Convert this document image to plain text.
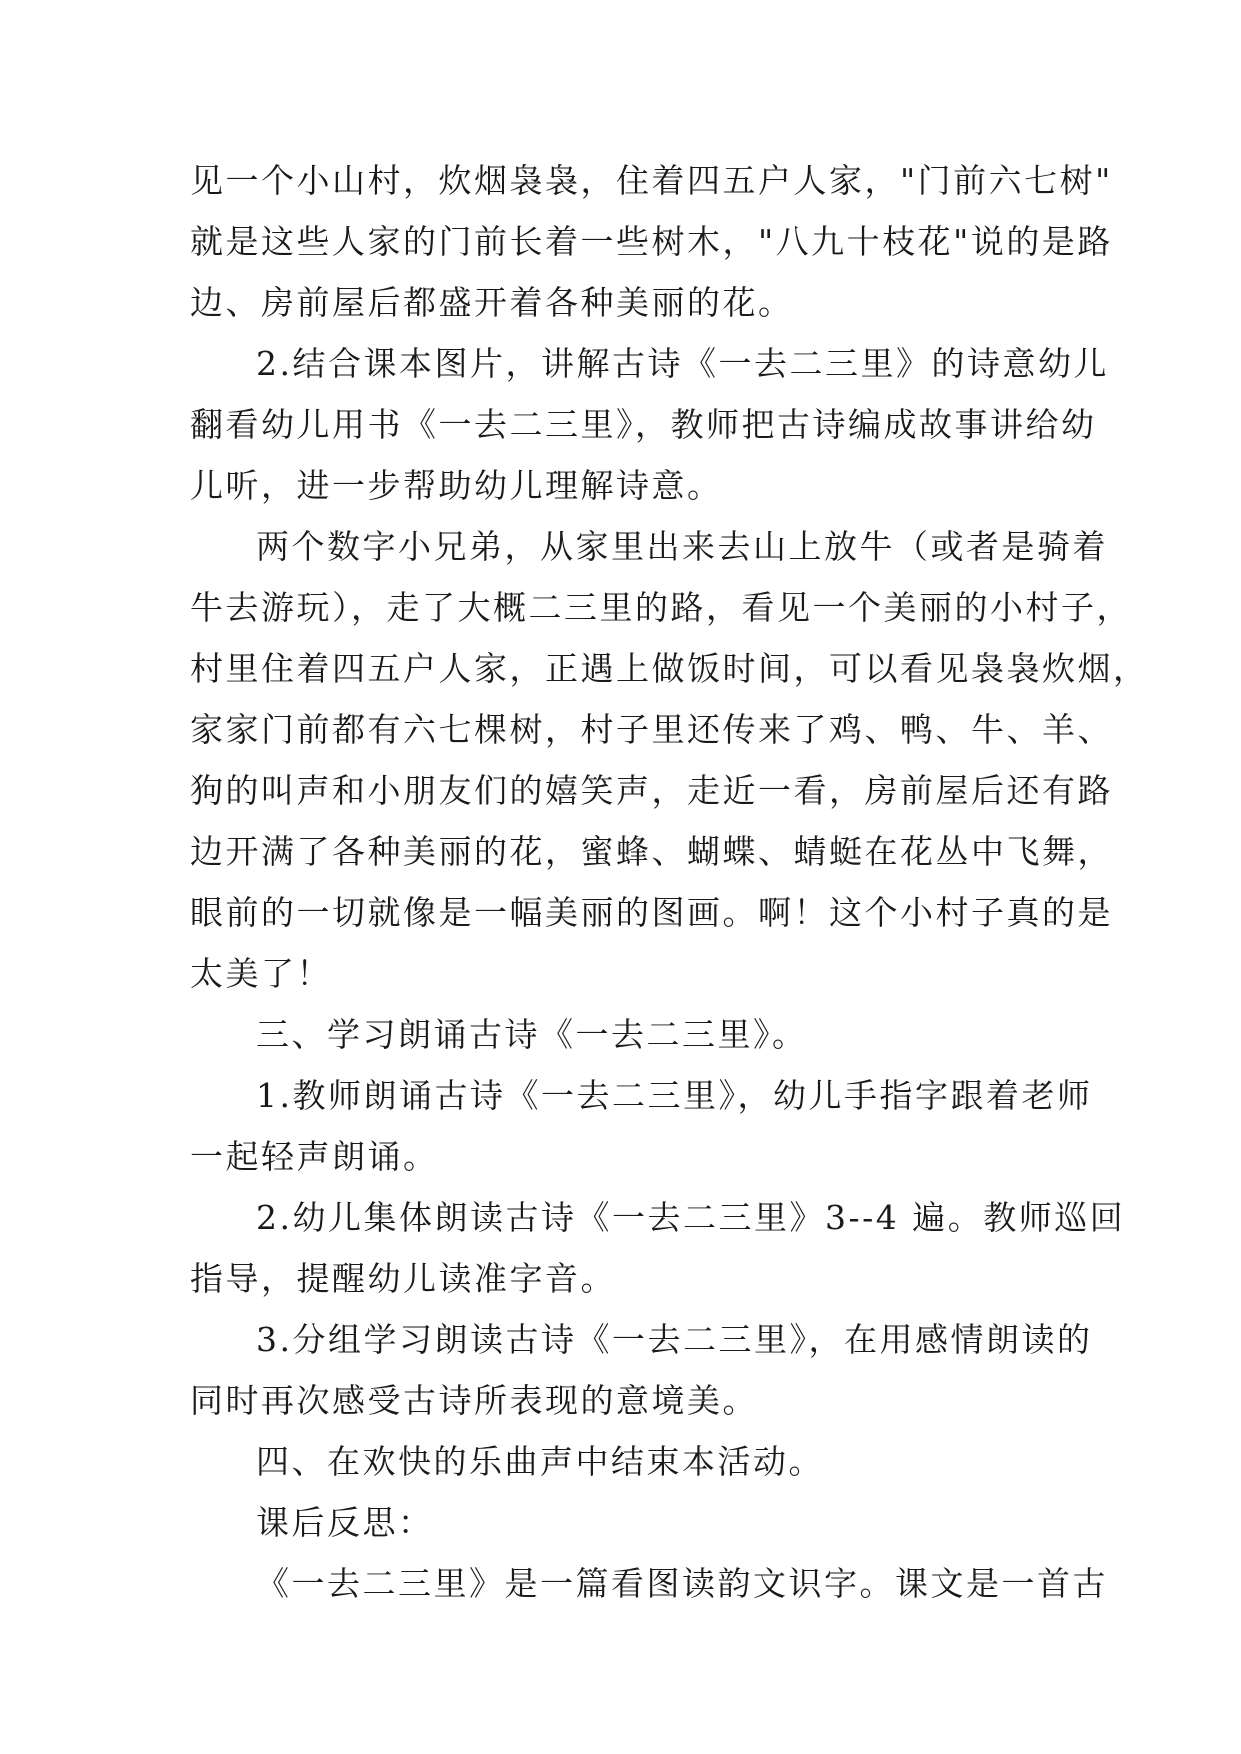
见一个小山村，炊烟袅袅，住着四五户人家，"门前六七树"
就是这些人家的门前长着一些树木，"八九十枝花"说的是路
边、房前屋后都盛开着各种美丽的花。
2.结合课本图片，讲解古诗《一去二三里》的诗意幼儿
翻看幼儿用书《一去二三里》，教师把古诗编成故事讲给幼
儿听，进一步帮助幼儿理解诗意。
两个数字小兄弟，从家里出来去山上放牛（或者是骑着
牛去游玩），走了大概二三里的路，看见一个美丽的小村子，
村里住着四五户人家，正遇上做饭时间，可以看见袅袅炊烟，
家家门前都有六七棵树，村子里还传来了鸡、鸭、牛、羊、
狗的叫声和小朋友们的嬉笑声，走近一看，房前屋后还有路
边开满了各种美丽的花，蜜蜂、蝴蝶、蜻蜓在花丛中飞舞，
眼前的一切就像是一幅美丽的图画。啊！这个小村子真的是
太美了！
三、学习朗诵古诗《一去二三里》。
1.教师朗诵古诗《一去二三里》，幼儿手指字跟着老师
一起轻声朗诵。
2.幼儿集体朗读古诗《一去二三里》3--4 遍。教师巡回
指导，提醒幼儿读准字音。
3.分组学习朗读古诗《一去二三里》，在用感情朗读的
同时再次感受古诗所表现的意境美。
四、在欢快的乐曲声中结束本活动。
课后反思：
《一去二三里》是一篇看图读韵文识字。课文是一首古
